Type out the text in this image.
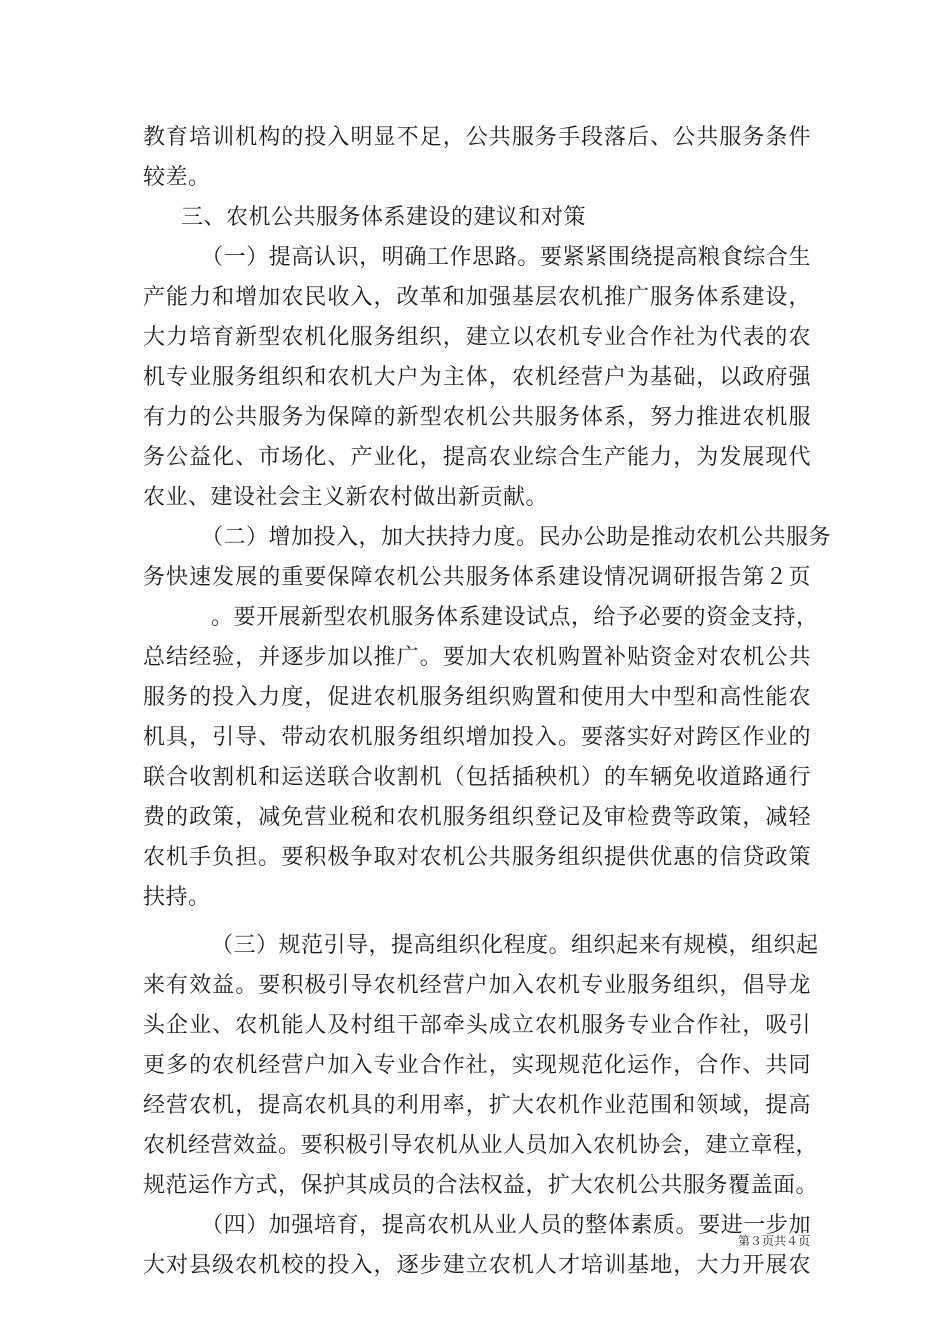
教育培训机构的投入明显不足，公共服务手段落后、公共服务条件
较差。
三、农机公共服务体系建设的建议和对策
（一）提高认识，明确工作思路。要紧紧围绕提高粮食综合生
产能力和增加农民收入，改革和加强基层农机推广服务体系建设，
大力培育新型农机化服务组织，建立以农机专业合作社为代表的农
机专业服务组织和农机大户为主体，农机经营户为基础，以政府强
有力的公共服务为保障的新型农机公共服务体系，努力推进农机服
务公益化、市场化、产业化，提高农业综合生产能力，为发展现代
农业、建设社会主义新农村做出新贡献。
（二）增加投入，加大扶持力度。民办公助是推动农机公共服务
务快速发展的重要保障农机公共服务体系建设情况调研报告第２页
。要开展新型农机服务体系建设试点，给予必要的资金支持，
总结经验，并逐步加以推广。要加大农机购置补贴资金对农机公共
服务的投入力度，促进农机服务组织购置和使用大中型和高性能农
机具，引导、带动农机服务组织增加投入。要落实好对跨区作业的
联合收割机和运送联合收割机（包括插秧机）的车辆免收道路通行
费的政策，减免营业税和农机服务组织登记及审检费等政策，减轻
农机手负担。要积极争取对农机公共服务组织提供优惠的信贷政策
扶持。
（三）规范引导，提高组织化程度。组织起来有规模，组织起
来有效益。要积极引导农机经营户加入农机专业服务组织，倡导龙
头企业、农机能人及村组干部牵头成立农机服务专业合作社，吸引
更多的农机经营户加入专业合作社，实现规范化运作，合作、共同
经营农机，提高农机具的利用率，扩大农机作业范围和领域，提高
农机经营效益。要积极引导农机从业人员加入农机协会，建立章程，
规范运作方式，保护其成员的合法权益，扩大农机公共服务覆盖面。
（四）加强培育，提高农机从业人员的整体素质。要进一步加
大对县级农机校的投入，逐步建立农机人才培训基地，大力开展农
第３页共４页
